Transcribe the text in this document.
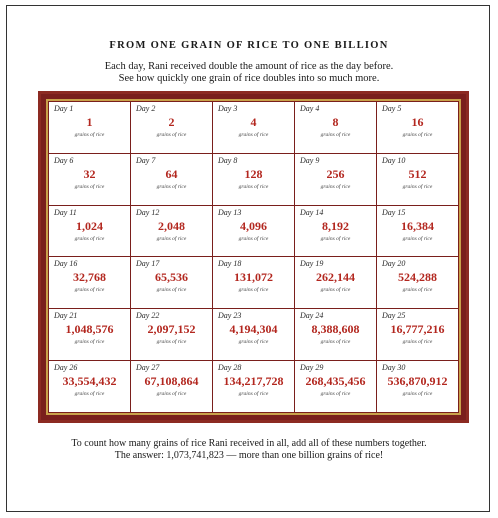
FROM ONE GRAIN OF RICE TO ONE BILLION
Each day, Rani received double the amount of rice as the day before.
See how quickly one grain of rice doubles into so much more.
Day 1
1
grains of rice
Day 2
2
grains of rice
Day 3
4
grains of rice
Day 4
8
grains of rice
Day 5
16
grains of rice
Day 6
32
grains of rice
Day 7
64
grains of rice
Day 8
128
grains of rice
Day 9
256
grains of rice
Day 10
512
grains of rice
Day 11
1,024
grains of rice
Day 12
2,048
grains of rice
Day 13
4,096
grains of rice
Day 14
8,192
grains of rice
Day 15
16,384
grains of rice
Day 16
32,768
grains of rice
Day 17
65,536
grains of rice
Day 18
131,072
grains of rice
Day 19
262,144
grains of rice
Day 20
524,288
grains of rice
Day 21
1,048,576
grains of rice
Day 22
2,097,152
grains of rice
Day 23
4,194,304
grains of rice
Day 24
8,388,608
grains of rice
Day 25
16,777,216
grains of rice
Day 26
33,554,432
grains of rice
Day 27
67,108,864
grains of rice
Day 28
134,217,728
grains of rice
Day 29
268,435,456
grains of rice
Day 30
536,870,912
grains of rice
To count how many grains of rice Rani received in all, add all of these numbers together.
The answer: 1,073,741,823 — more than one billion grains of rice!
